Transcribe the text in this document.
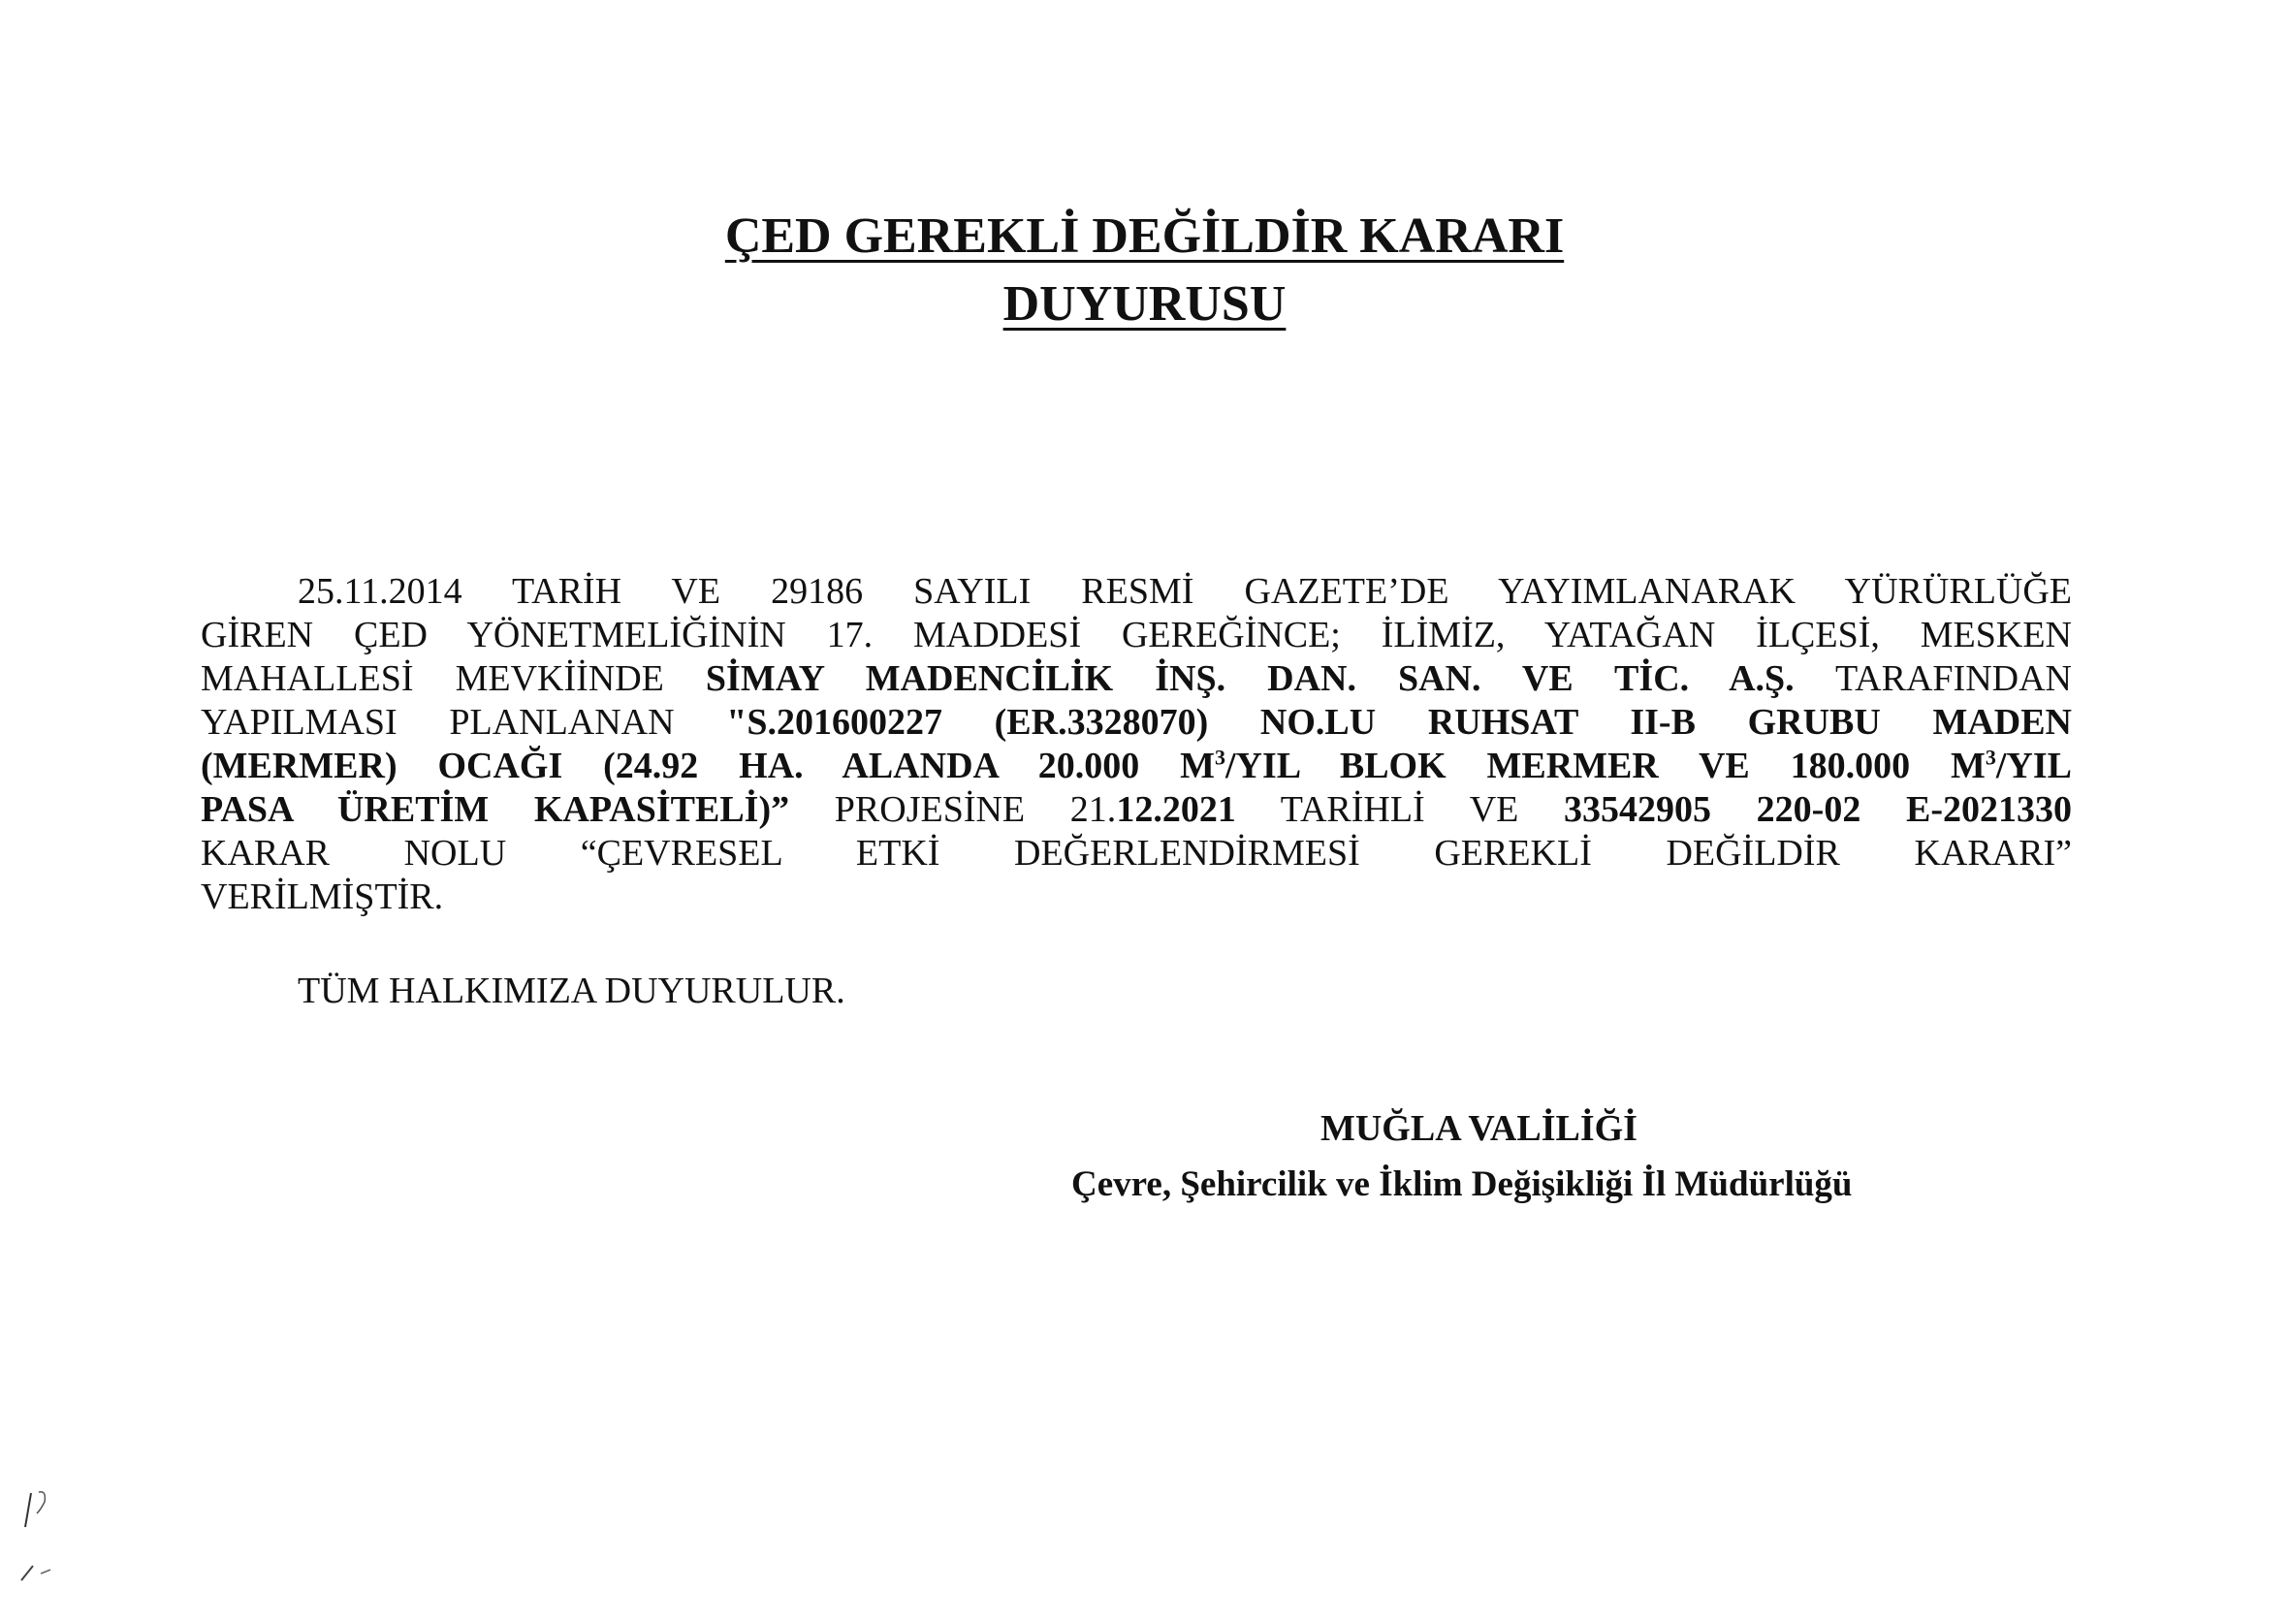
ÇED GEREKLİ DEĞİLDİR KARARI
DUYURUSU
25.11.2014 TARİH VE 29186 SAYILI RESMİ GAZETE’DE YAYIMLANARAK YÜRÜRLÜĞE
GİREN ÇED YÖNETMELİĞİNİN 17. MADDESİ GEREĞİNCE; İLİMİZ, YATAĞAN İLÇESİ, MESKEN
MAHALLESİ MEVKİİNDE SİMAY MADENCİLİK İNŞ. DAN. SAN. VE TİC. A.Ş. TARAFINDAN
YAPILMASI PLANLANAN "S.201600227 (ER.3328070) NO.LU RUHSAT II-B GRUBU MADEN
(MERMER) OCAĞI (24.92 HA. ALANDA 20.000 $M^3$/YIL BLOK MERMER VE 180.000 $M^3$/YIL
PASA ÜRETİM KAPASİTELİ)” PROJESİNE 21.12.2021 TARİHLİ VE 33542905 220-02 E-2021330
KARAR NOLU “ÇEVRESEL ETKİ DEĞERLENDİRMESİ GEREKLİ DEĞİLDİR KARARI”
VERİLMİŞTİR.

TÜM HALKIMIZA DUYURULUR.

MUĞLA VALİLİĞİ

Çevre, Şehircilik ve İklim Değişikliği İl Müdürlüğü
